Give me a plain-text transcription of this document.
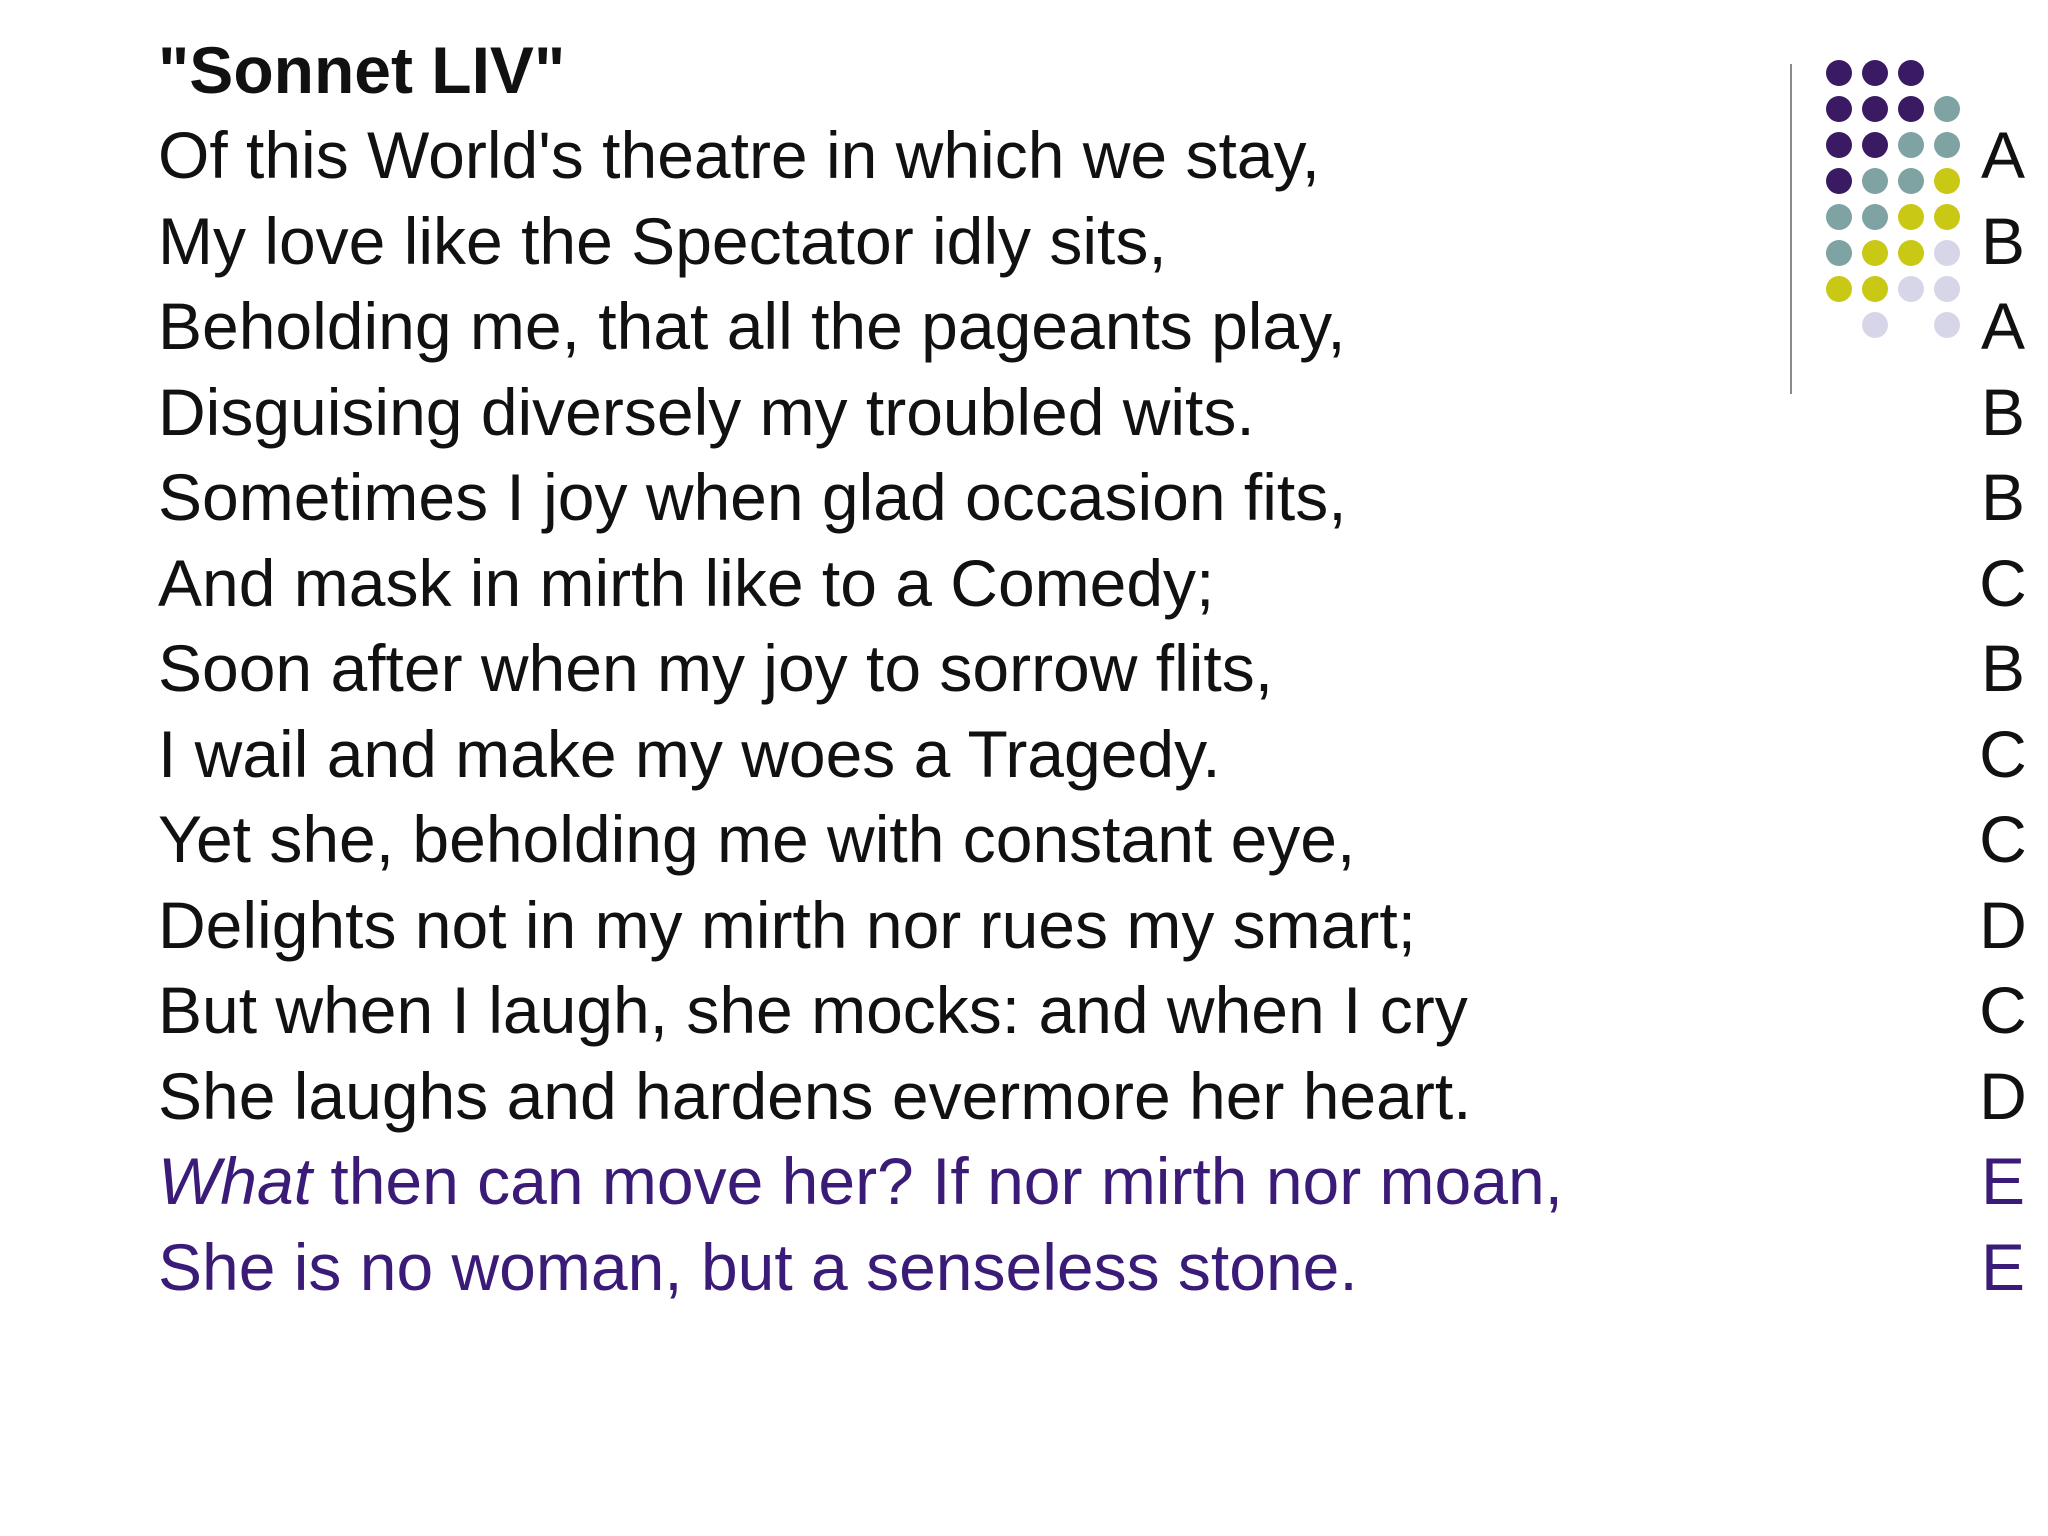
"Sonnet LIV"
Of this World's theatre in which we stay,	A
My love like the Spectator idly sits,	B
Beholding me, that all the pageants play,	A
Disguising diversely my troubled wits.	B
Sometimes I joy when glad occasion fits,	B
And mask in mirth like to a Comedy;	C
Soon after when my joy to sorrow flits,	B
I wail and make my woes a Tragedy.	C
Yet she, beholding me with constant eye,	C
Delights not in my mirth nor rues my smart;	D
But when I laugh, she mocks: and when I cry	C
She laughs and hardens evermore her heart.	D
What then can move her? If nor mirth nor moan,	E
She is no woman, but a senseless stone.	E
